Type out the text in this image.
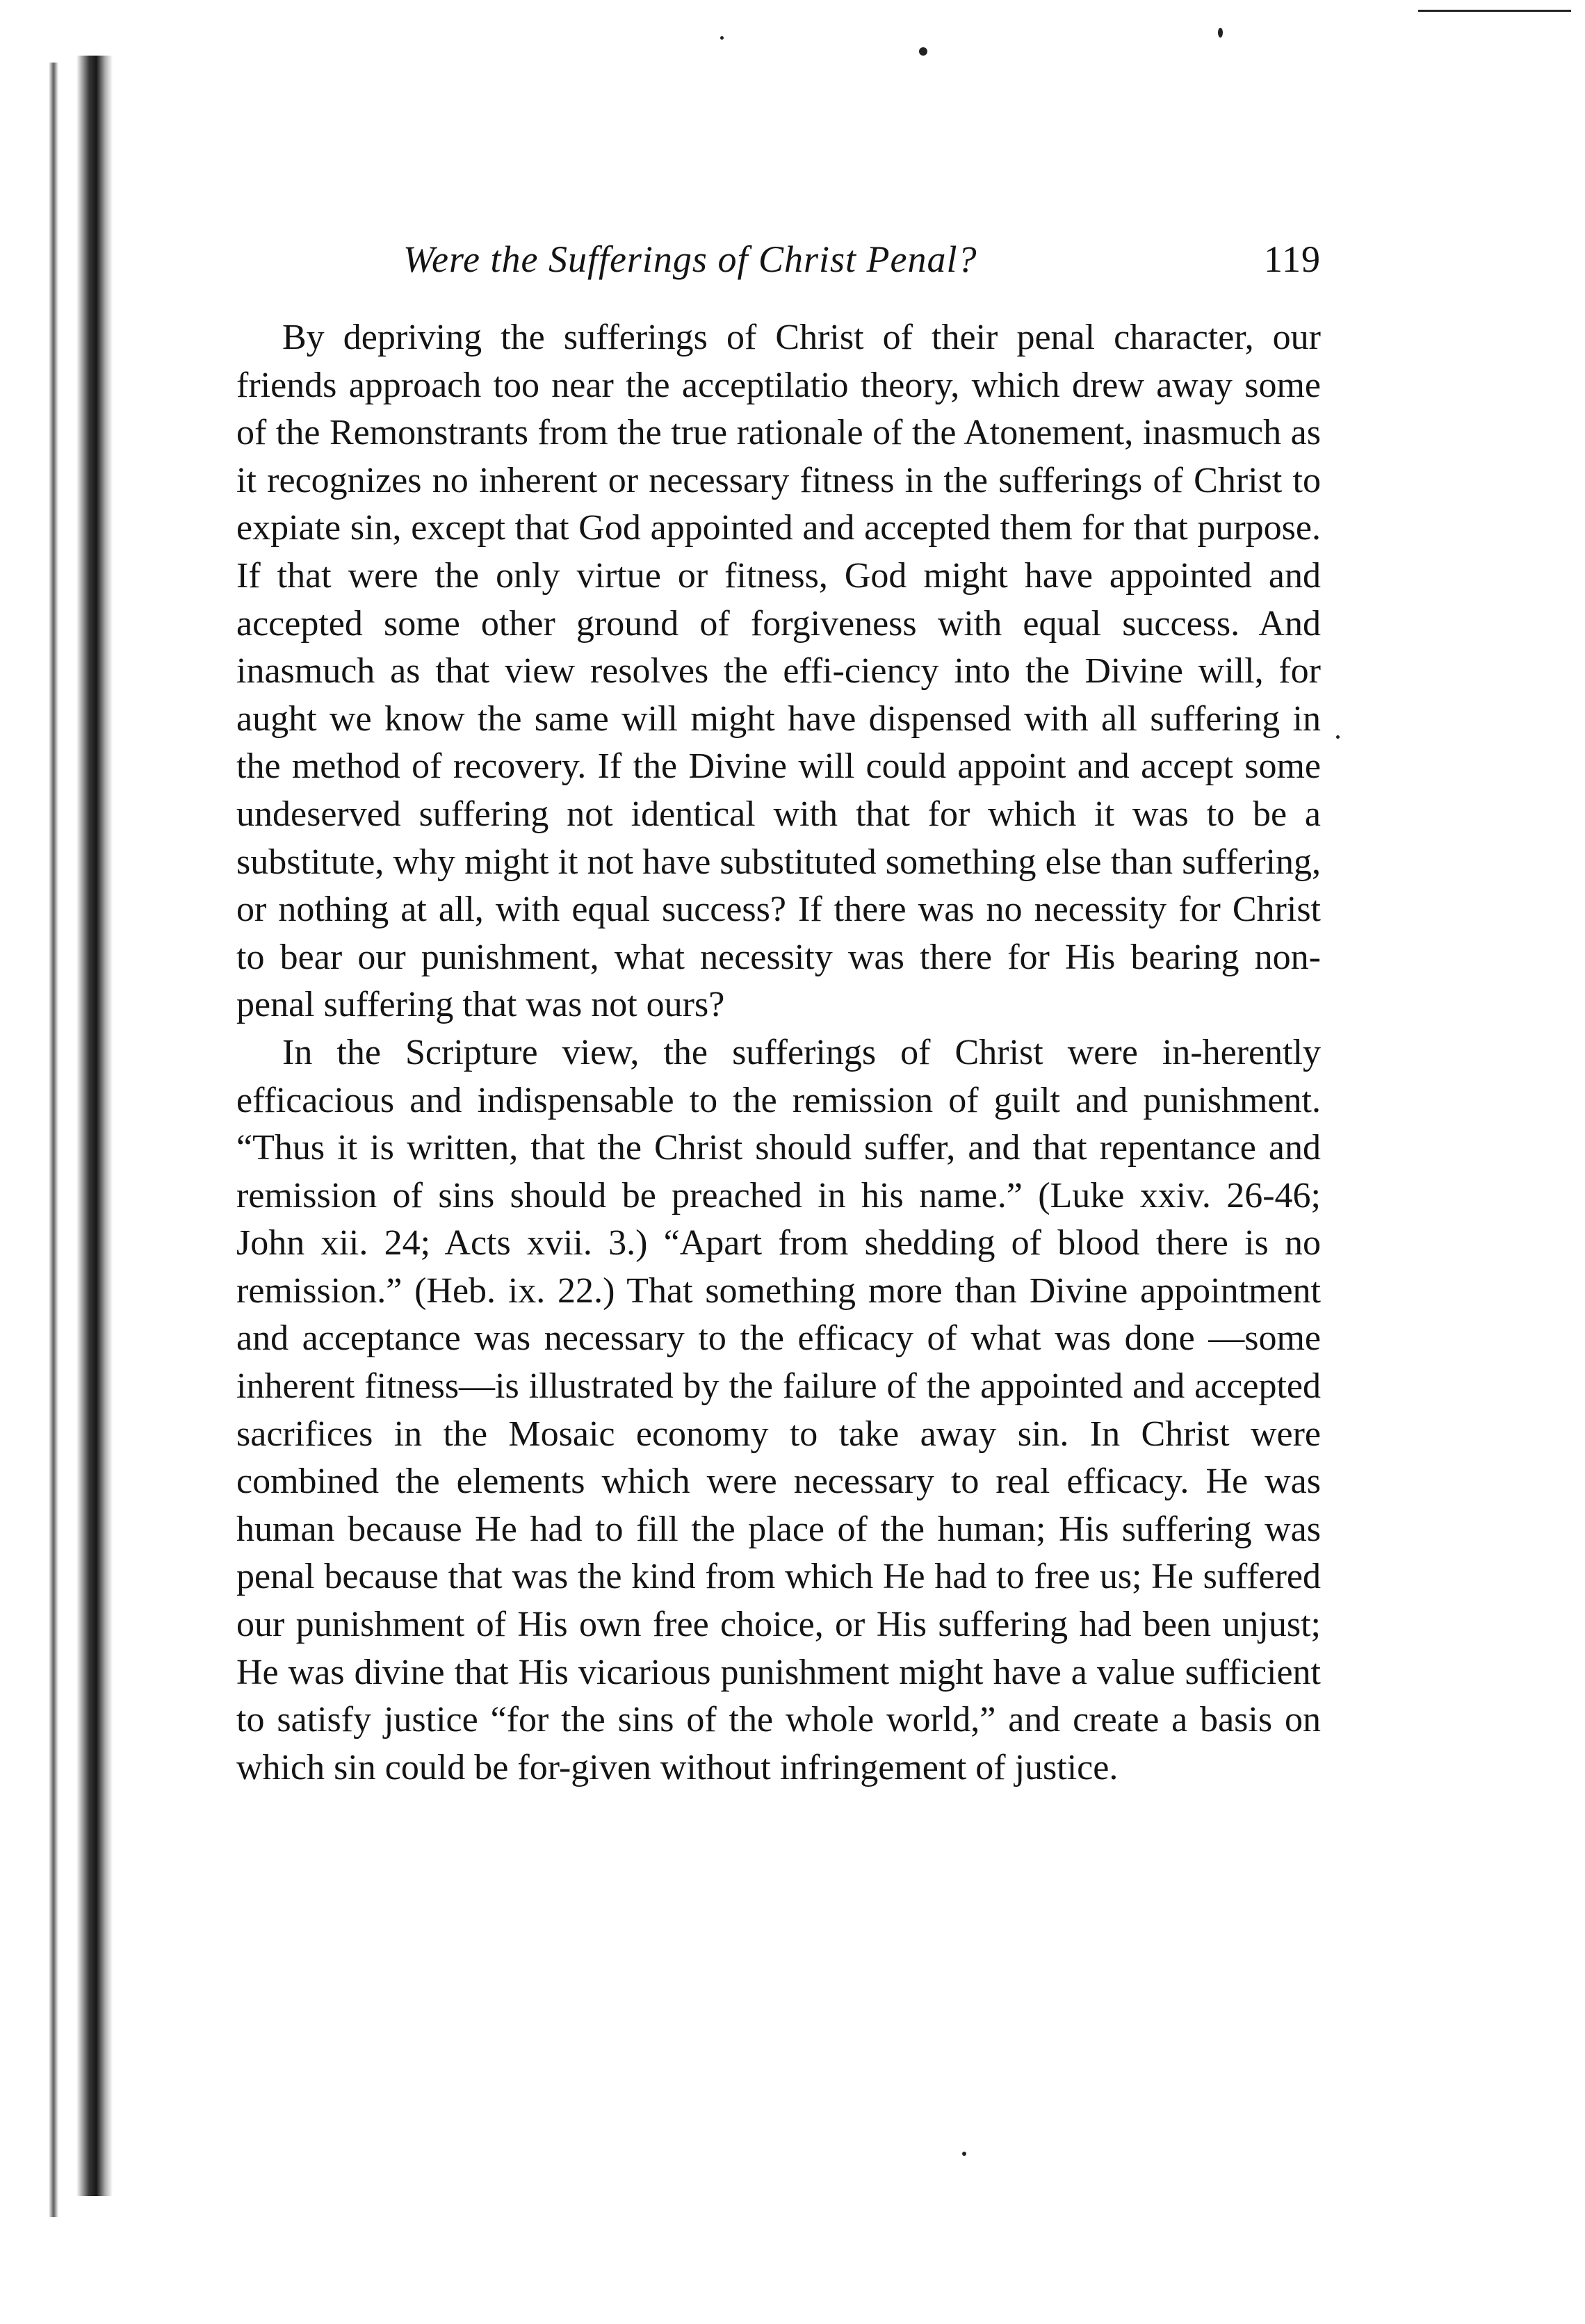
Were the Sufferings of Christ Penal?	119

By depriving the sufferings of Christ of their penal character, our friends approach too near the acceptilatio theory, which drew away some of the Remonstrants from the true rationale of the Atonement, inasmuch as it recognizes no inherent or necessary fitness in the sufferings of Christ to expiate sin, except that God appointed and accepted them for that purpose. If that were the only virtue or fitness, God might have appointed and accepted some other ground of forgiveness with equal success. And inasmuch as that view resolves the effi-ciency into the Divine will, for aught we know the same will might have dispensed with all suffering in the method of recovery. If the Divine will could appoint and accept some undeserved suffering not identical with that for which it was to be a substitute, why might it not have substituted something else than suffering, or nothing at all, with equal success? If there was no necessity for Christ to bear our punishment, what necessity was there for His bearing non-penal suffering that was not ours?

In the Scripture view, the sufferings of Christ were in-herently efficacious and indispensable to the remission of guilt and punishment. “Thus it is written, that the Christ should suffer, and that repentance and remission of sins should be preached in his name.” (Luke xxiv. 26-46; John xii. 24; Acts xvii. 3.) “Apart from shedding of blood there is no remission.” (Heb. ix. 22.) That something more than Divine appointment and acceptance was necessary to the efficacy of what was done —some inherent fitness—is illustrated by the failure of the appointed and accepted sacrifices in the Mosaic economy to take away sin. In Christ were combined the elements which were necessary to real efficacy. He was human because He had to fill the place of the human; His suffering was penal because that was the kind from which He had to free us; He suffered our punishment of His own free choice, or His suffering had been unjust; He was divine that His vicarious punishment might have a value sufficient to satisfy justice “for the sins of the whole world,” and create a basis on which sin could be for-given without infringement of justice.
